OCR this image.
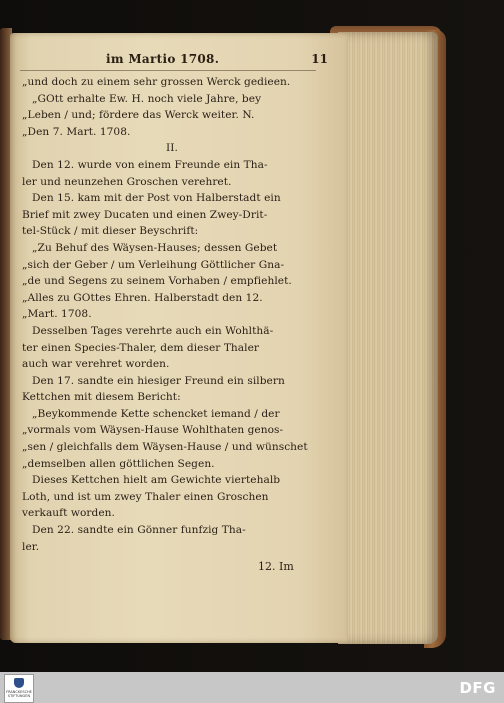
im Martio 1708.	11
„und doch zu einem sehr grossen Werck gedieen.
„GOtt erhalte Ew. H. noch viele Jahre, bey
„Leben / und; fördere das Werck weiter. N.
„Den 7. Mart. 1708.
II.
Den 12. wurde von einem Freunde ein Tha-
ler und neunzehen Groschen verehret.
Den 15. kam mit der Post von Halberstadt ein
Brief mit zwey Ducaten und einen Zwey-Drit-
tel-Stück / mit dieser Beyschrift:
„Zu Behuf des Wäysen-Hauses; dessen Gebet
„sich der Geber / um Verleihung Göttlicher Gna-
„de und Segens zu seinem Vorhaben / empfiehlet.
„Alles zu GOttes Ehren. Halberstadt den 12.
„Mart. 1708.
Desselben Tages verehrte auch ein Wohlthä-
ter einen Species-Thaler, dem dieser Thaler
auch war verehret worden.
Den 17. sandte ein hiesiger Freund ein silbern
Kettchen mit diesem Bericht:
„Beykommende Kette schencket iemand / der
„vormals vom Wäysen-Hause Wohlthaten genos-
„sen / gleichfalls dem Wäysen-Hause / und wünschet
„demselben allen göttlichen Segen.
Dieses Kettchen hielt am Gewichte viertehalb
Loth, und ist um zwey Thaler einen Groschen
verkauft worden.
Den 22. sandte ein Gönner funfzig Tha-
ler.
12. Im
FRANCKESCHE STIFTUNGEN	DFG
